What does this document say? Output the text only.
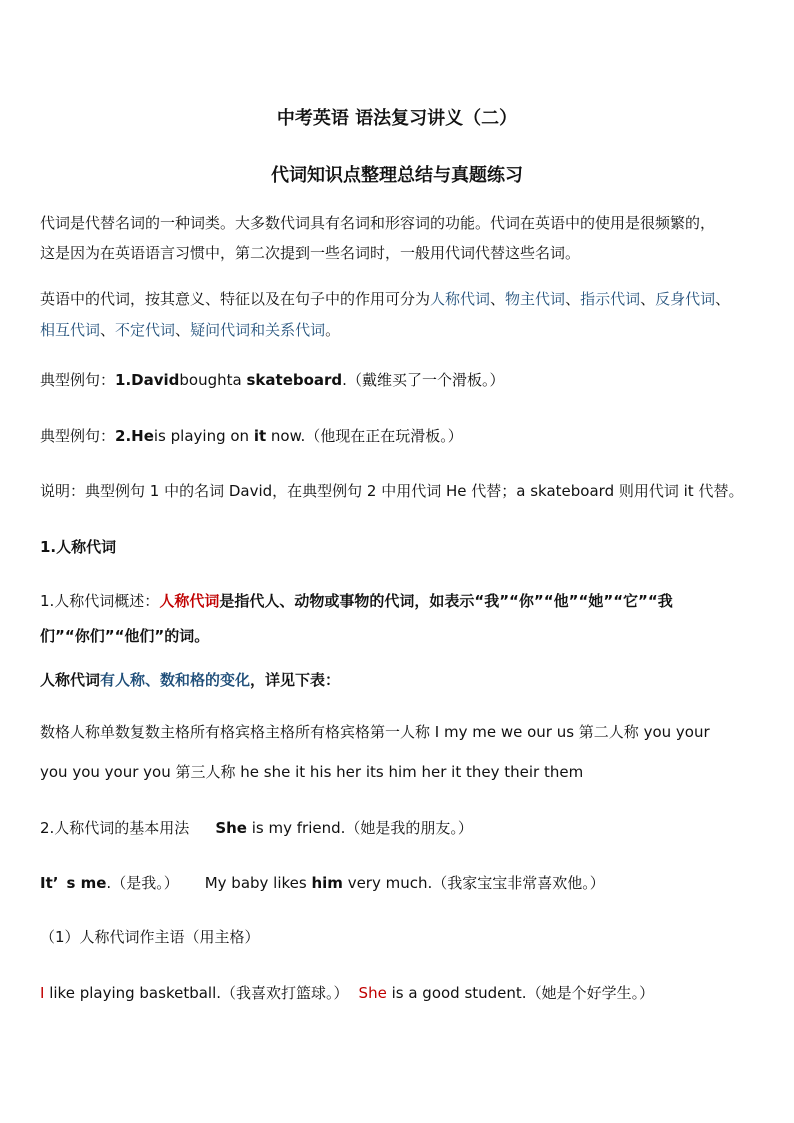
中考英语 语法复习讲义（二）
代词知识点整理总结与真题练习
代词是代替名词的一种词类。大多数代词具有名词和形容词的功能。代词在英语中的使用是很频繁的，
这是因为在英语语言习惯中，第二次提到一些名词时，一般用代词代替这些名词。
英语中的代词，按其意义、特征以及在句子中的作用可分为人称代词、物主代词、指示代词、反身代词、
相互代词、不定代词、疑问代词和关系代词。
典型例句：1.Davidboughta skateboard.（戴维买了一个滑板。）
典型例句：2.Heis playing on it now.（他现在正在玩滑板。）
说明：典型例句 1 中的名词 David，在典型例句 2 中用代词 He 代替；a skateboard 则用代词 it 代替。
1.人称代词
1.人称代词概述：人称代词是指代人、动物或事物的代词，如表示“我”“你”“他”“她”“它”“我
们”“你们”“他们”的词。
人称代词有人称、数和格的变化，详见下表：
数格人称单数复数主格所有格宾格主格所有格宾格第一人称 I my me we our us 第二人称 you your
you you your you 第三人称 he she it his her its him her it they their them
2.人称代词的基本用法 She is my friend.（她是我的朋友。）
It’ s me.（是我。） My baby likes him very much.（我家宝宝非常喜欢他。）
（1）人称代词作主语（用主格）
I like playing basketball.（我喜欢打篮球。） She is a good student.（她是个好学生。）
